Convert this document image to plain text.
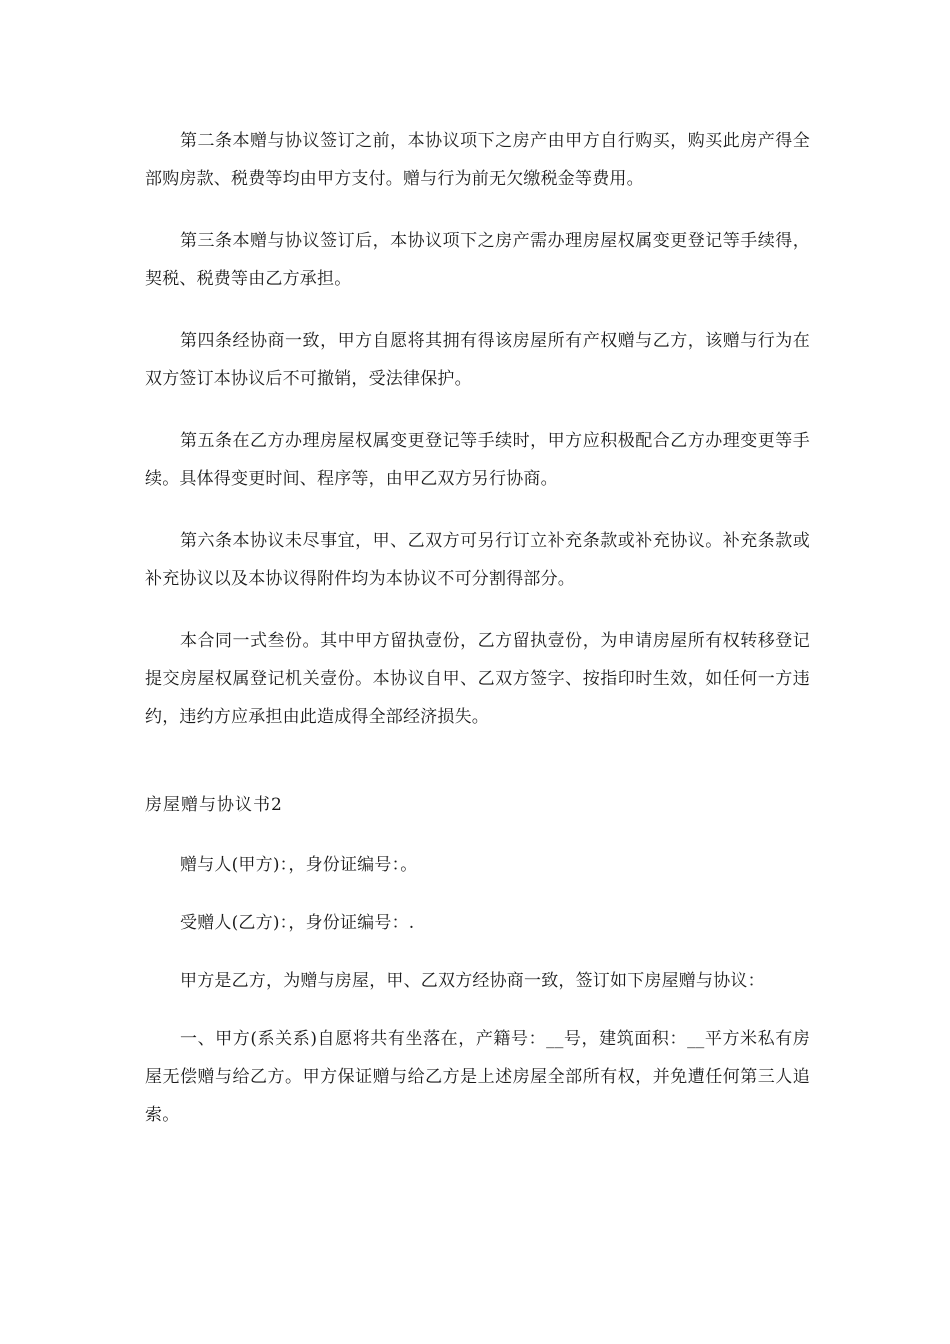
第二条本赠与协议签订之前，本协议项下之房产由甲方自行购买，购买此房产得全部购房款、税费等均由甲方支付。赠与行为前无欠缴税金等费用。

第三条本赠与协议签订后，本协议项下之房产需办理房屋权属变更登记等手续得，契税、税费等由乙方承担。

第四条经协商一致，甲方自愿将其拥有得该房屋所有产权赠与乙方，该赠与行为在双方签订本协议后不可撤销，受法律保护。

第五条在乙方办理房屋权属变更登记等手续时，甲方应积极配合乙方办理变更等手续。具体得变更时间、程序等，由甲乙双方另行协商。

第六条本协议未尽事宜，甲、乙双方可另行订立补充条款或补充协议。补充条款或补充协议以及本协议得附件均为本协议不可分割得部分。

本合同一式叁份。其中甲方留执壹份，乙方留执壹份，为申请房屋所有权转移登记提交房屋权属登记机关壹份。本协议自甲、乙双方签字、按指印时生效，如任何一方违约，违约方应承担由此造成得全部经济损失。

房屋赠与协议书2

赠与人(甲方)：，身份证编号：。

受赠人(乙方)：，身份证编号：.

甲方是乙方，为赠与房屋，甲、乙双方经协商一致，签订如下房屋赠与协议：

一、甲方(系关系)自愿将共有坐落在，产籍号：__号，建筑面积：__平方米私有房屋无偿赠与给乙方。甲方保证赠与给乙方是上述房屋全部所有权，并免遭任何第三人追索。
